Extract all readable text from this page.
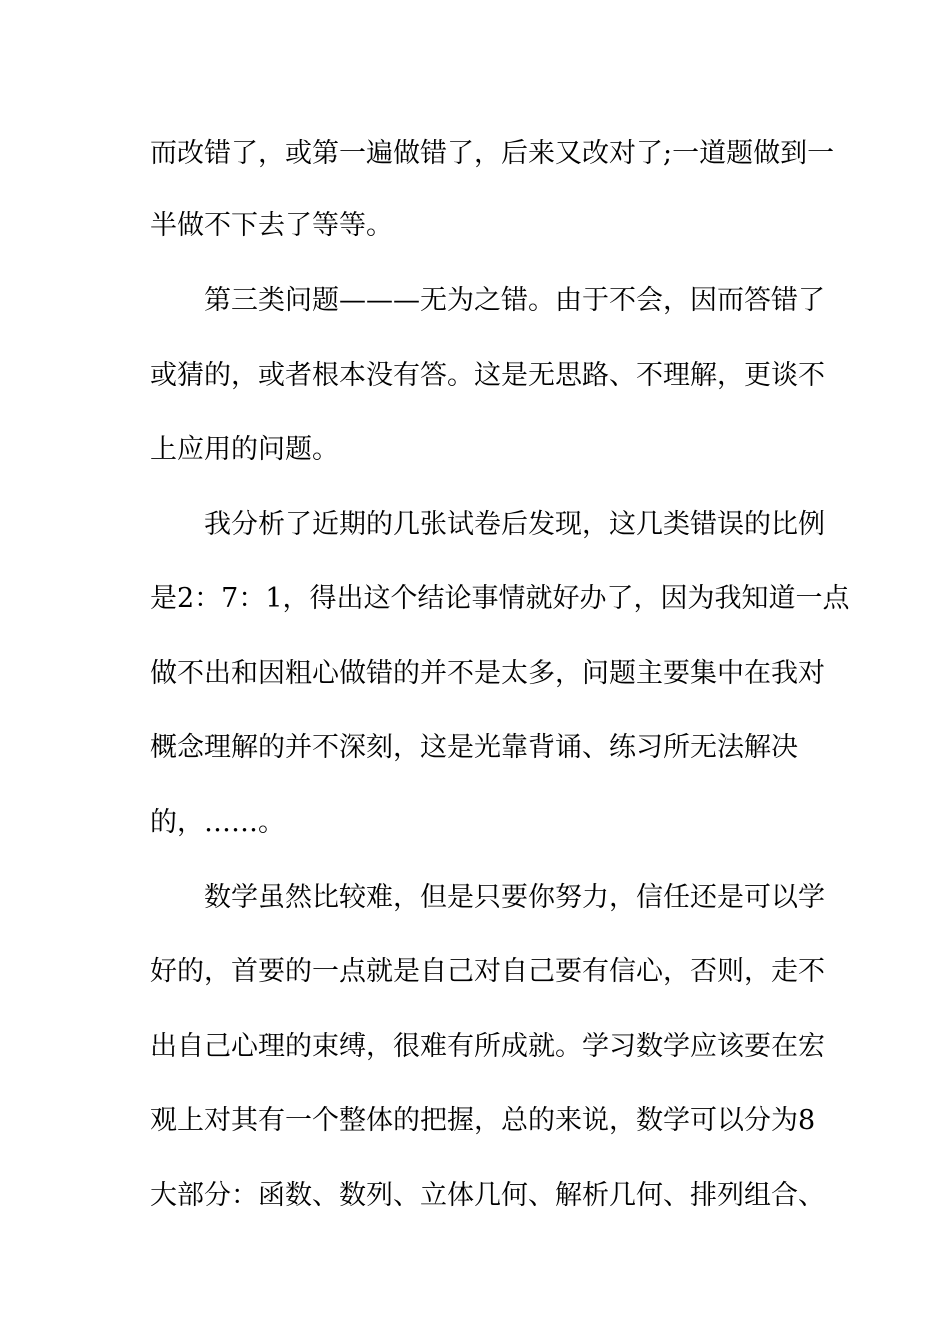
而改错了，或第一遍做错了，后来又改对了;一道题做到一
半做不下去了等等。
第三类问题———无为之错。由于不会，因而答错了
或猜的，或者根本没有答。这是无思路、不理解，更谈不
上应用的问题。
我分析了近期的几张试卷后发现，这几类错误的比例
是2：7：1，得出这个结论事情就好办了，因为我知道一点
做不出和因粗心做错的并不是太多，问题主要集中在我对
概念理解的并不深刻，这是光靠背诵、练习所无法解决
的，……。
数学虽然比较难，但是只要你努力，信任还是可以学
好的，首要的一点就是自己对自己要有信心，否则，走不
出自己心理的束缚，很难有所成就。学习数学应该要在宏
观上对其有一个整体的把握，总的来说，数学可以分为8
大部分：函数、数列、立体几何、解析几何、排列组合、
